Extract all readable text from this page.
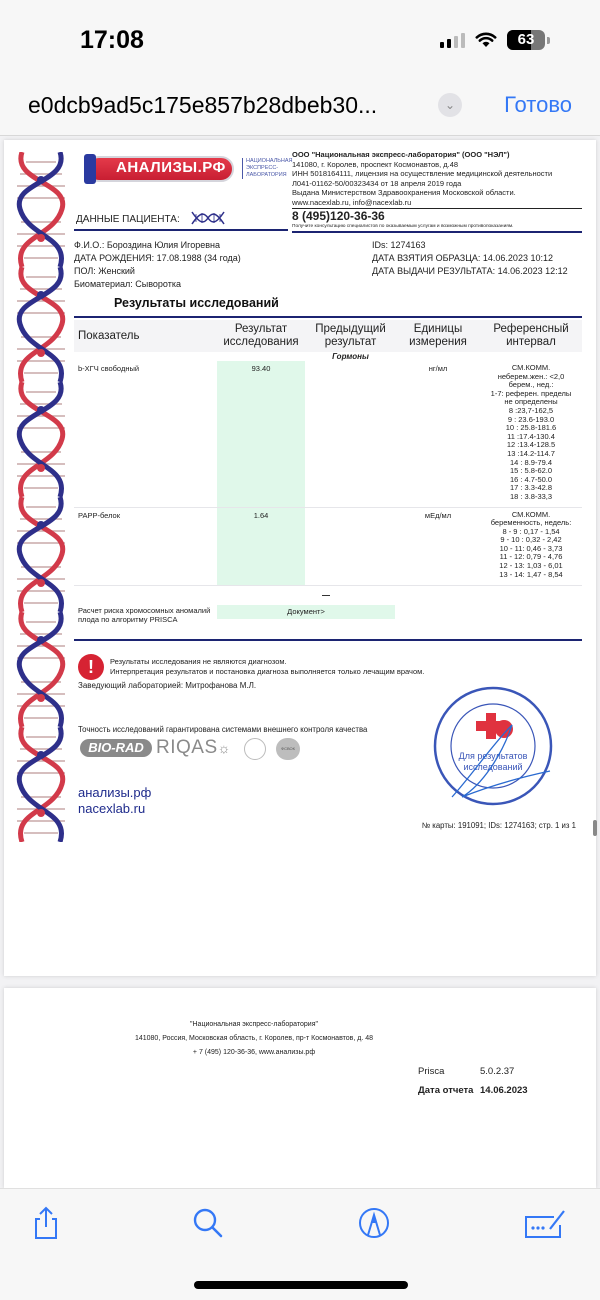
17:08	63
e0dcb9ad5c175e857b28dbeb30...	⌄	Готово
АНАЛИЗЫ.РФ	НАЦИОНАЛЬНАЯ
ЭКСПРЕСС-
ЛАБОРАТОРИЯ
ООО "Национальная экспресс-лаборатория" (ООО "НЭЛ")
141080, г. Королев, проспект Космонавтов, д.48
ИНН 5018164111, лицензия на осуществление медицинской деятельности
Л041-01162-50/00323434 от 18 апреля 2019 года
Выдана Министерством Здравоохранения Московской области.
www.nacexlab.ru, info@nacexlab.ru
8 (495)120-36-36
Получите консультацию специалистов по оказываемым услугам и возможным противопоказаниям.
ДАННЫЕ ПАЦИЕНТА:
Ф.И.О.: Бороздина Юлия Игоревна
ДАТА РОЖДЕНИЯ: 17.08.1988 (34 года)
ПОЛ: Женский
Биоматериал: Сыворотка
IDs: 1274163
ДАТА ВЗЯТИЯ ОБРАЗЦА: 14.06.2023 10:12
ДАТА ВЫДАЧИ РЕЗУЛЬТАТА: 14.06.2023 12:12
Результаты исследований
Показатель	Результат исследования	Предыдущий результат	Единицы измерения	Референсный интервал
		Гормоны		
b-ХГЧ свободный	93.40		нг/мл	СМ.КОММ.
неберем.жен.: <2,0
берем., нед.:
1-7: референ. пределы
не определены
8 :23,7-162,5
9 : 23.6-193.0
10 : 25.8-181.6
11 :17.4-130.4
12 :13.4-128.5
13 :14.2-114.7
14 : 8.9-79.4
15 : 5.8-62.0
16 : 4.7-50.0
17 : 3.3-42.8
18 : 3.8-33,3

PAPP-белок	1.64		мЕд/мл	СМ.КОММ.
беременность, недель:
8 - 9 : 0,17 - 1,54
9 - 10 : 0,32 - 2,42
10 - 11: 0,46 - 3,73
11 - 12: 0,79 - 4,76
12 - 13: 1,03 - 6,01
13 - 14: 1,47 - 8,54
Расчет риска хромосомных аномалий плода по алгоритму PRISCA
Документ>
!	Результаты исследования не являются диагнозом.
Интерпретация результатов и постановка диагноза выполняется только лечащим врачом.
Заведующий лабораторией: Митрофанова М.Л.
Точность исследований гарантирована системами внешнего контроля качества
BIO-RAD RIQAS☼	ФСВОК
анализы.рф
nacexlab.ru
Для результатов
исследований
№ карты: 191091; IDs: 1274163; стр. 1 из 1
"Национальная экспресс-лаборатория"
141080, Россия, Московская область, г. Королев, пр-т Космонавтов, д. 48
+ 7 (495) 120-36-36, www.анализы.рф
Prisca	5.0.2.37
Дата отчета 14.06.2023
